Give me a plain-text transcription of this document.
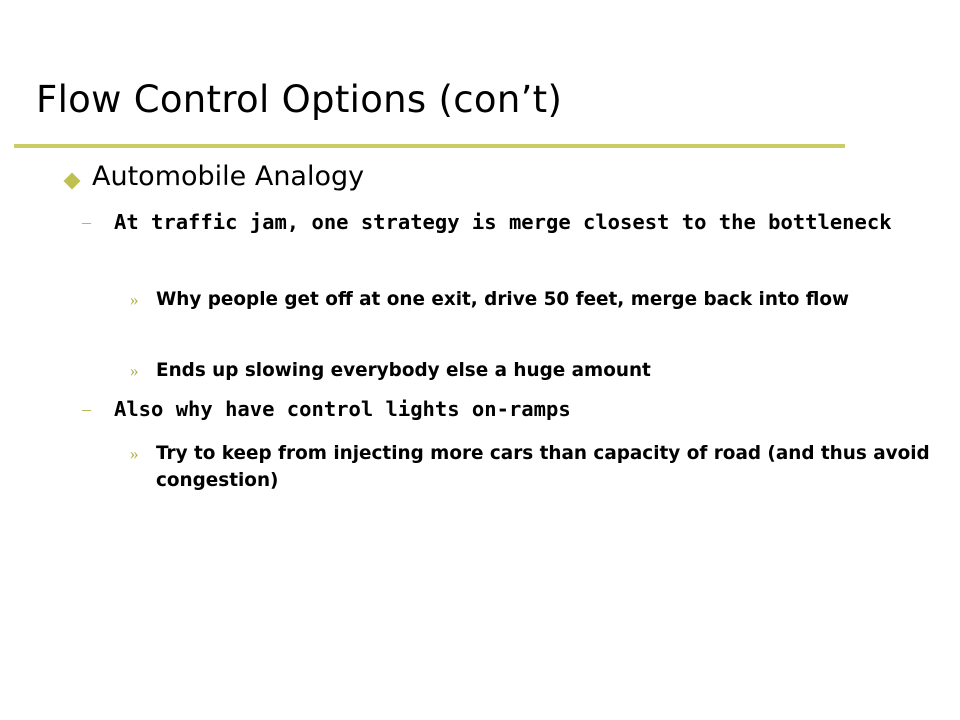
Flow Control Options (con’t)
Automobile Analogy
–	At traffic jam, one strategy is merge closest to the bottleneck
» Why people get off at one exit, drive 50 feet, merge back into flow
» Ends up slowing everybody else a huge amount
–	Also why have control lights on-ramps
» Try to keep from injecting more cars than capacity of road (and thus avoid congestion)
